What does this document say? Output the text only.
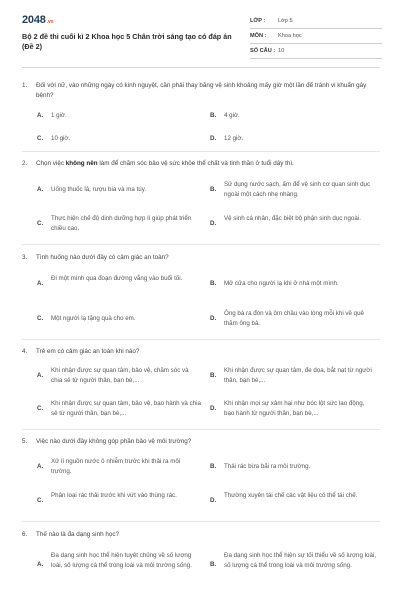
2048.vn
Bộ 2 đề thi cuối kì 2 Khoa học 5 Chân trời sáng tạo có đáp án (Đề 2)
LỚP : Lớp 5
MÔN : Khoa học
SỐ CÂU : 10
1. Đối với nữ, vào những ngày có kinh nguyệt, cần phải thay băng vệ sinh khoảng mấy giờ một lần để tránh vi khuẩn gây bệnh?
A. 1 giờ.	B. 4 giờ.
C. 10 giờ.	D. 12 giờ.
2. Chọn việc không nên làm để chăm sóc bảo vệ sức khỏe thể chất và tinh thần ở tuổi dậy thì.
A. Uống thuốc lá, rượu bia và ma túy.	B.
Sử dụng nước sạch, ấm để vệ sinh cơ quan sinh dục ngoài một cách nhẹ nhàng.
C.
Thực hiện chế độ dinh dưỡng hợp lí giúp phát triển chiều cao.
D.
Vệ sinh cá nhân, đặc biệt bộ phận sinh dục ngoài.
3. Tình huống nào dưới đây có cảm giác an toàn?
A.
Đi một mình qua đoạn đường vắng vào buổi tối.
B. Mở cửa cho người lạ khi ở nhà một mình.
C. Một người lạ tặng quà cho em.	D.
Ông bà ra đón và ôm chầu vào lòng mỗi khi về quê thăm ông bà.
4. Trẻ em có cảm giác an toàn khi nào?
A.
Khi nhận được sự quan tâm, bảo vệ, chăm sóc và chia sẻ từ người thân, bạn bè,...
B.
Khi nhận được sự quan tâm, đe dọa, bắt nạt từ người thân, bạn bè,...
C.
Khi nhận được sự quan tâm, bảo vệ, bạo hành và chia sẻ từ người thân, bạn bè,...
D.
Khi nhận mọi sự xâm hại như bóc lột sức lao động, bạo hành từ người thân, bạn bè,...
5. Việc nào dưới đây không góp phần bảo vệ môi trường?
A.
Xử lí nguồn nước ô nhiễm trước khi thải ra môi trường.
B. Thải rác bừa bãi ra môi trường.
C.
Phân loại rác thải trước khi vứt vào thùng rác.
D.
Thường xuyên tái chế các vật liệu có thể tái chế.
6. Thế nào là đa dạng sinh học?
A.
Đa dạng sinh học thể hiện tuyệt chủng về số lượng loài, số lượng cá thể trong loài và môi trường sống.	B.
Đa dạng sinh học thể hiện sự tối thiểu về số lượng loài, số lượng cá thể trong loài và môi trường sống.
